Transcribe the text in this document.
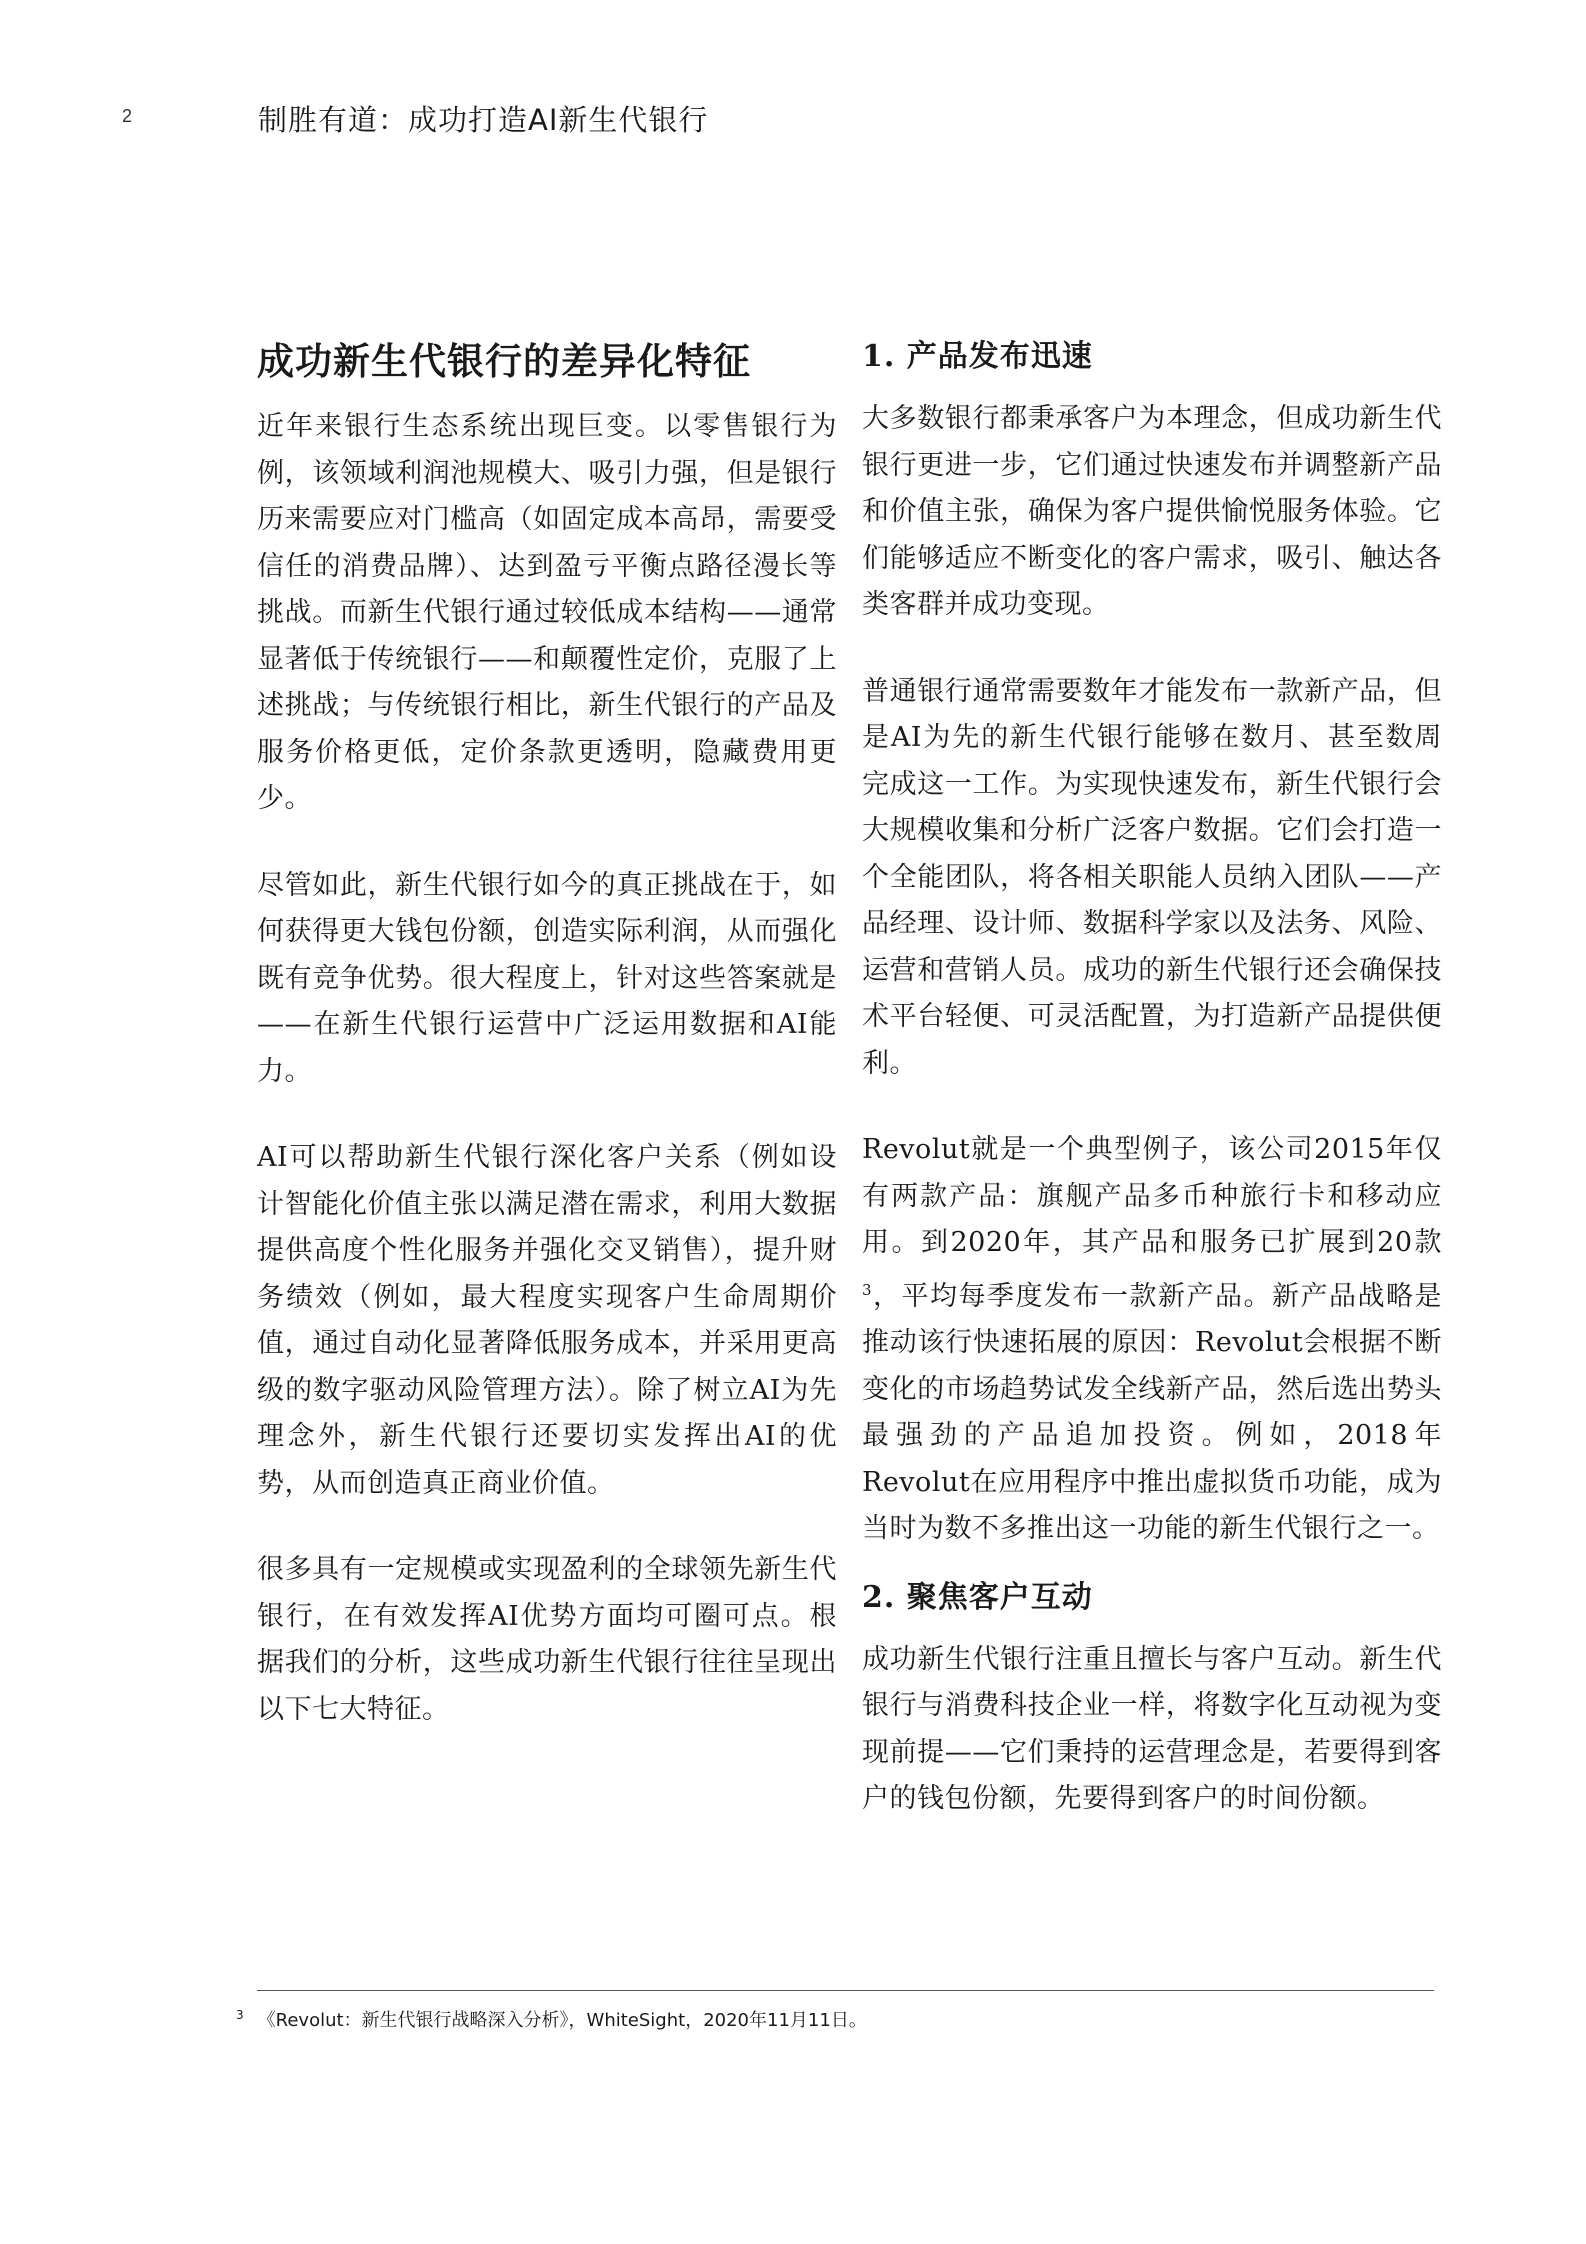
2	制胜有道：成功打造AI新生代银行
成功新生代银行的差异化特征

近年来银行生态系统出现巨变。以零售银行为例，该领域利润池规模大、吸引力强，但是银行历来需要应对门槛高（如固定成本高昂，需要受信任的消费品牌）、达到盈亏平衡点路径漫长等挑战。而新生代银行通过较低成本结构——通常显著低于传统银行——和颠覆性定价，克服了上述挑战；与传统银行相比，新生代银行的产品及服务价格更低，定价条款更透明，隐藏费用更少。

尽管如此，新生代银行如今的真正挑战在于，如何获得更大钱包份额，创造实际利润，从而强化既有竞争优势。很大程度上，针对这些答案就是——在新生代银行运营中广泛运用数据和AI能力。

AI可以帮助新生代银行深化客户关系（例如设计智能化价值主张以满足潜在需求，利用大数据提供高度个性化服务并强化交叉销售），提升财务绩效（例如，最大程度实现客户生命周期价值，通过自动化显著降低服务成本，并采用更高级的数字驱动风险管理方法）。除了树立AI为先理念外，新生代银行还要切实发挥出AI的优势，从而创造真正商业价值。

很多具有一定规模或实现盈利的全球领先新生代银行，在有效发挥AI优势方面均可圈可点。根据我们的分析，这些成功新生代银行往往呈现出以下七大特征。

1. 产品发布迅速

大多数银行都秉承客户为本理念，但成功新生代银行更进一步，它们通过快速发布并调整新产品和价值主张，确保为客户提供愉悦服务体验。它们能够适应不断变化的客户需求，吸引、触达各类客群并成功变现。

普通银行通常需要数年才能发布一款新产品，但是AI为先的新生代银行能够在数月、甚至数周完成这一工作。为实现快速发布，新生代银行会大规模收集和分析广泛客户数据。它们会打造一个全能团队，将各相关职能人员纳入团队——产品经理、设计师、数据科学家以及法务、风险、运营和营销人员。成功的新生代银行还会确保技术平台轻便、可灵活配置，为打造新产品提供便利。

Revolut就是一个典型例子，该公司2015年仅有两款产品：旗舰产品多币种旅行卡和移动应用。到2020年，其产品和服务已扩展到20款$^3$，平均每季度发布一款新产品。新产品战略是推动该行快速拓展的原因：Revolut会根据不断变化的市场趋势试发全线新产品，然后选出势头最强劲的产品追加投资。例如，2018年Revolut在应用程序中推出虚拟货币功能，成为当时为数不多推出这一功能的新生代银行之一。

2. 聚焦客户互动

成功新生代银行注重且擅长与客户互动。新生代银行与消费科技企业一样，将数字化互动视为变现前提——它们秉持的运营理念是，若要得到客户的钱包份额，先要得到客户的时间份额。

$^3$ 《Revolut：新生代银行战略深入分析》，WhiteSight，2020年11月11日。
